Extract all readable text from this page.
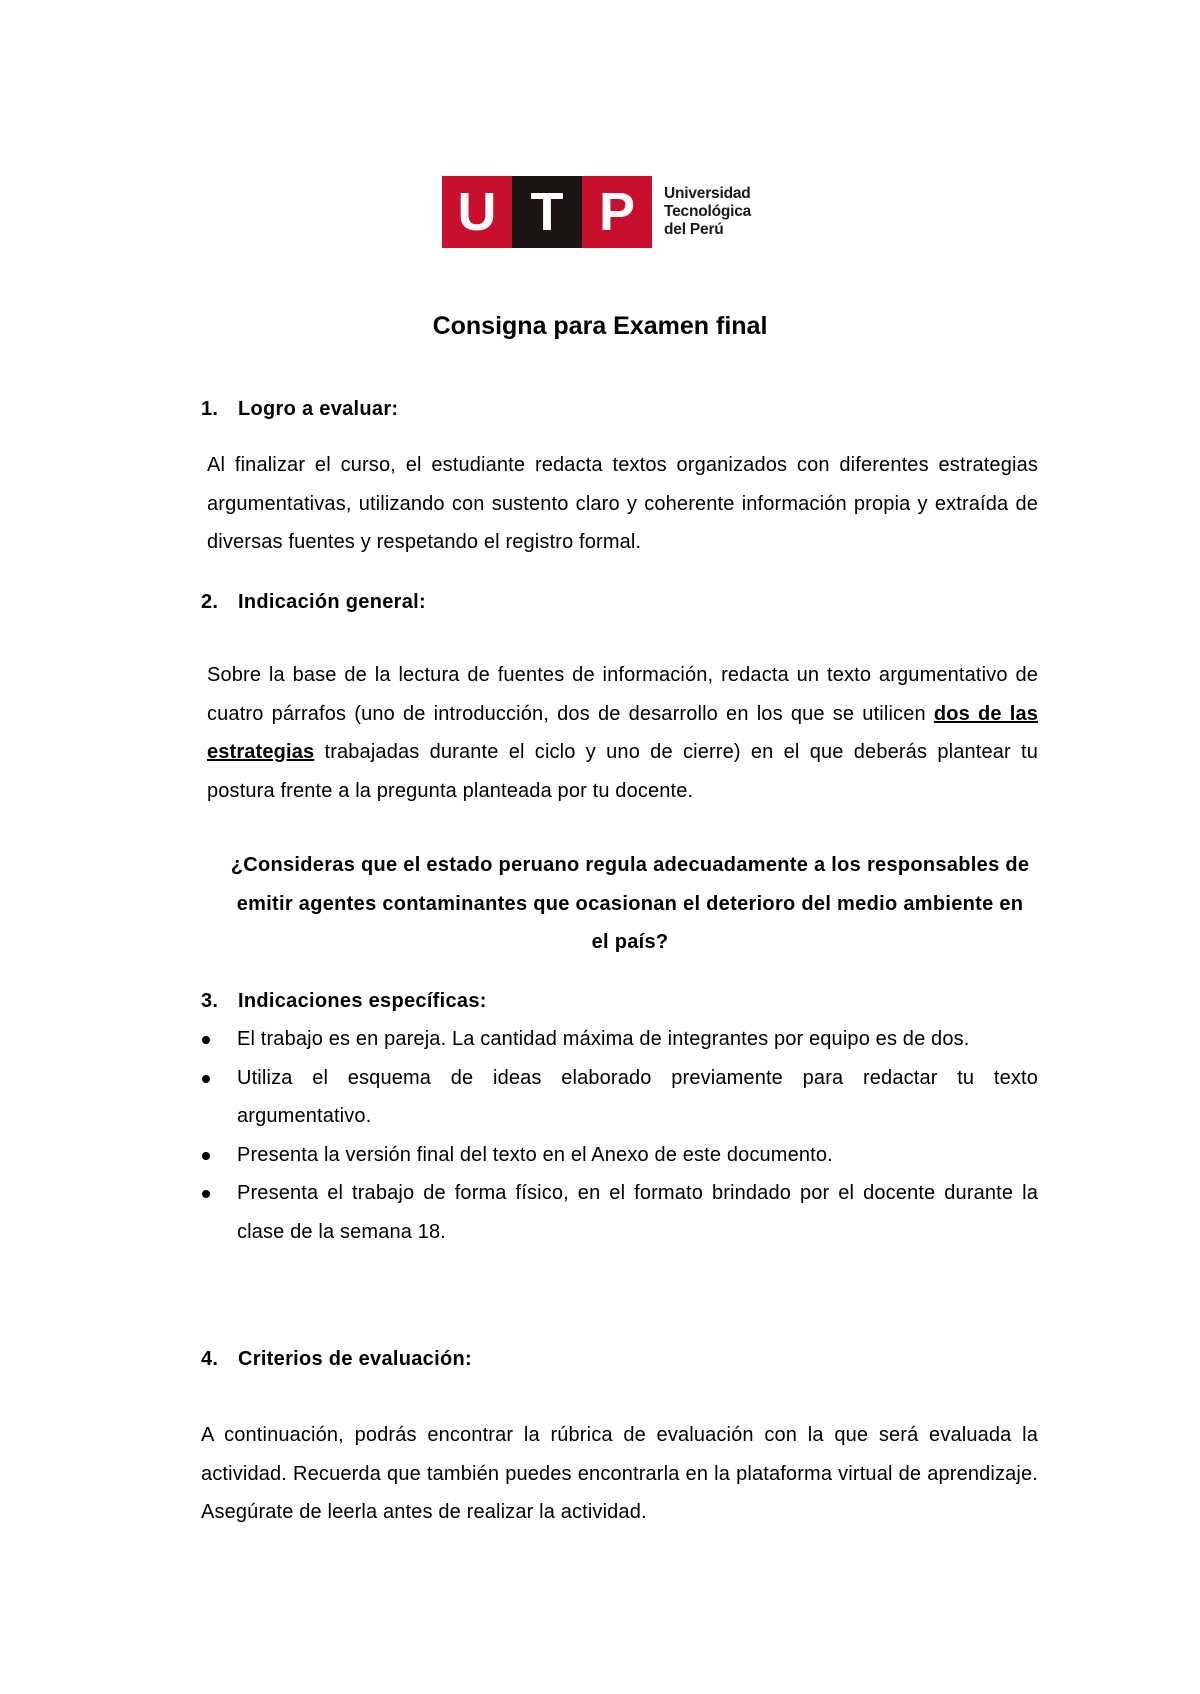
U T P	Universidad
Tecnológica
del Perú
Consigna para Examen final
1. Logro a evaluar:
Al finalizar el curso, el estudiante redacta textos organizados con diferentes estrategias argumentativas, utilizando con sustento claro y coherente información propia y extraída de diversas fuentes y respetando el registro formal.
2. Indicación general:
Sobre la base de la lectura de fuentes de información, redacta un texto argumentativo de cuatro párrafos (uno de introducción, dos de desarrollo en los que se utilicen dos de las estrategias trabajadas durante el ciclo y uno de cierre) en el que deberás plantear tu postura frente a la pregunta planteada por tu docente.
¿Consideras que el estado peruano regula adecuadamente a los responsables de emitir agentes contaminantes que ocasionan el deterioro del medio ambiente en el país?
3. Indicaciones específicas:
El trabajo es en pareja. La cantidad máxima de integrantes por equipo es de dos.
Utiliza el esquema de ideas elaborado previamente para redactar tu texto argumentativo.
Presenta la versión final del texto en el Anexo de este documento.
Presenta el trabajo de forma físico, en el formato brindado por el docente durante la clase de la semana 18.
4. Criterios de evaluación:
A continuación, podrás encontrar la rúbrica de evaluación con la que será evaluada la actividad. Recuerda que también puedes encontrarla en la plataforma virtual de aprendizaje. Asegúrate de leerla antes de realizar la actividad.
